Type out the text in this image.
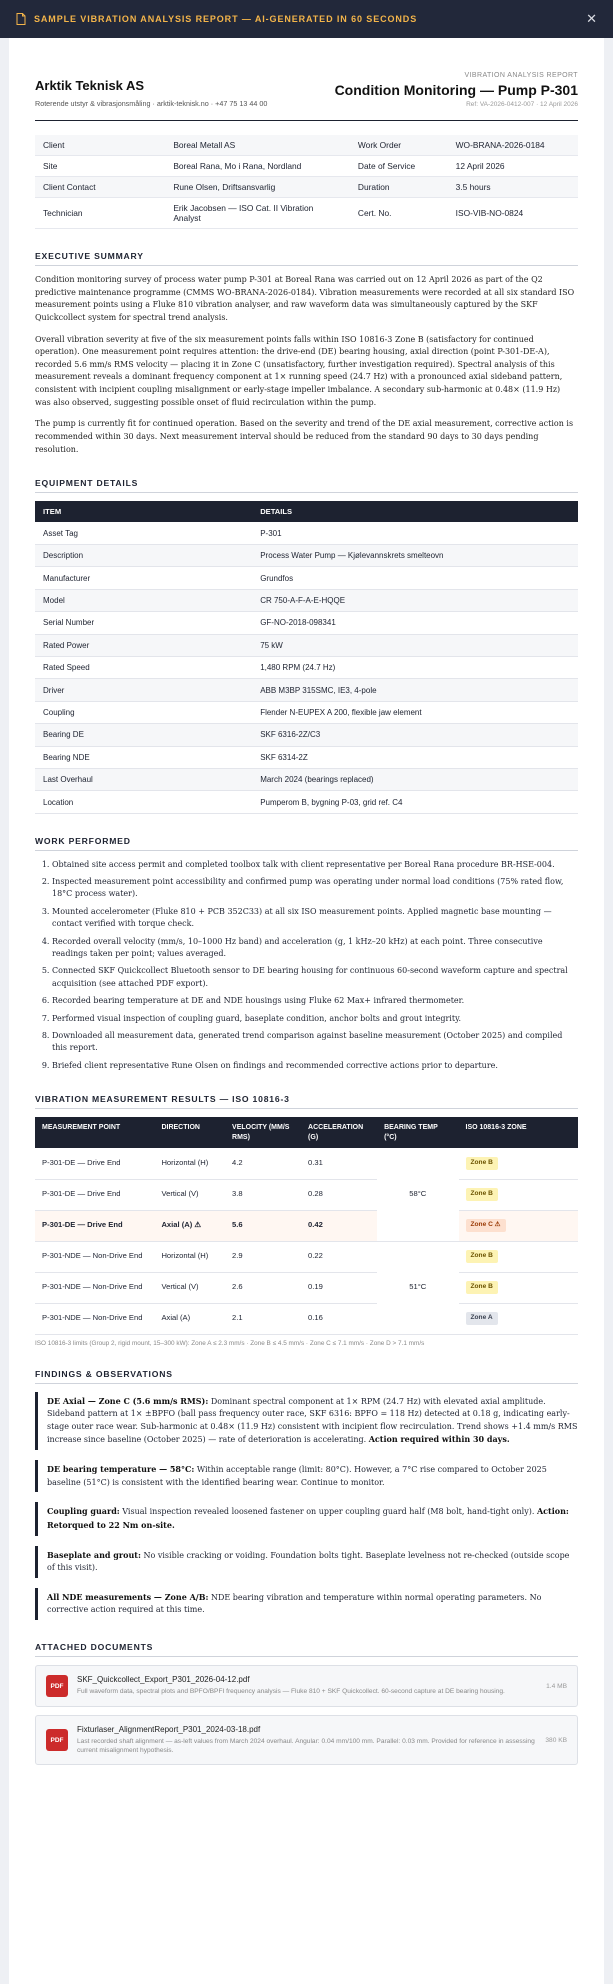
SAMPLE VIBRATION ANALYSIS REPORT — AI-GENERATED IN 60 SECONDS	✕
Arktik Teknisk AS
Roterende utstyr & vibrasjonsmåling · arktik-teknisk.no · +47 75 13 44 00
VIBRATION ANALYSIS REPORT
Condition Monitoring — Pump P-301
Ref: VA-2026-0412-007 · 12 April 2026
Client	Boreal Metall AS	Work Order	WO-BRANA-2026-0184
Site	Boreal Rana, Mo i Rana, Nordland	Date of Service	12 April 2026
Client Contact	Rune Olsen, Driftsansvarlig	Duration	3.5 hours
Technician	Erik Jacobsen — ISO Cat. II Vibration Analyst	Cert. No.	ISO-VIB-NO-0824
EXECUTIVE SUMMARY

Condition monitoring survey of process water pump P-301 at Boreal Rana was carried out on 12 April 2026 as part of the Q2 predictive maintenance programme (CMMS WO-BRANA-2026-0184). Vibration measurements were recorded at all six standard ISO measurement points using a Fluke 810 vibration analyser, and raw waveform data was simultaneously captured by the SKF Quickcollect system for spectral trend analysis.

Overall vibration severity at five of the six measurement points falls within ISO 10816-3 Zone B (satisfactory for continued operation). One measurement point requires attention: the drive-end (DE) bearing housing, axial direction (point P-301-DE-A), recorded 5.6 mm/s RMS velocity — placing it in Zone C (unsatisfactory, further investigation required). Spectral analysis of this measurement reveals a dominant frequency component at 1× running speed (24.7 Hz) with a pronounced axial sideband pattern, consistent with incipient coupling misalignment or early-stage impeller imbalance. A secondary sub-harmonic at 0.48× (11.9 Hz) was also observed, suggesting possible onset of fluid recirculation within the pump.

The pump is currently fit for continued operation. Based on the severity and trend of the DE axial measurement, corrective action is recommended within 30 days. Next measurement interval should be reduced from the standard 90 days to 30 days pending resolution.

EQUIPMENT DETAILS
ITEM	DETAILS
Asset Tag	P-301
Description	Process Water Pump — Kjølevannskrets smelteovn
Manufacturer	Grundfos
Model	CR 750-A-F-A-E-HQQE
Serial Number	GF-NO-2018-098341
Rated Power	75 kW
Rated Speed	1,480 RPM (24.7 Hz)
Driver	ABB M3BP 315SMC, IE3, 4-pole
Coupling	Flender N-EUPEX A 200, flexible jaw element
Bearing DE	SKF 6316-2Z/C3
Bearing NDE	SKF 6314-2Z
Last Overhaul	March 2024 (bearings replaced)
Location	Pumperom B, bygning P-03, grid ref. C4
WORK PERFORMED
1. Obtained site access permit and completed toolbox talk with client representative per Boreal Rana procedure BR-HSE-004.
2. Inspected measurement point accessibility and confirmed pump was operating under normal load conditions (75% rated flow, 18°C process water).
3. Mounted accelerometer (Fluke 810 + PCB 352C33) at all six ISO measurement points. Applied magnetic base mounting — contact verified with torque check.
4. Recorded overall velocity (mm/s, 10–1000 Hz band) and acceleration (g, 1 kHz–20 kHz) at each point. Three consecutive readings taken per point; values averaged.
5. Connected SKF Quickcollect Bluetooth sensor to DE bearing housing for continuous 60-second waveform capture and spectral acquisition (see attached PDF export).
6. Recorded bearing temperature at DE and NDE housings using Fluke 62 Max+ infrared thermometer.
7. Performed visual inspection of coupling guard, baseplate condition, anchor bolts and grout integrity.
8. Downloaded all measurement data, generated trend comparison against baseline measurement (October 2025) and compiled this report.
9. Briefed client representative Rune Olsen on findings and recommended corrective actions prior to departure.
VIBRATION MEASUREMENT RESULTS — ISO 10816-3
MEASUREMENT POINT	DIRECTION	VELOCITY (MM/S RMS)	ACCELERATION (G)	BEARING TEMP (°C)	ISO 10816-3 ZONE
P-301-DE — Drive End	Horizontal (H)	4.2	0.31	58°C	Zone B
P-301-DE — Drive End	Vertical (V)	3.8	0.28		Zone B
P-301-DE — Drive End	Axial (A) ⚠	5.6	0.42		Zone C ⚠
P-301-NDE — Non-Drive End	Horizontal (H)	2.9	0.22	51°C	Zone B
P-301-NDE — Non-Drive End	Vertical (V)	2.6	0.19		Zone B
P-301-NDE — Non-Drive End	Axial (A)	2.1	0.16		Zone A
ISO 10816-3 limits (Group 2, rigid mount, 15–300 kW): Zone A ≤ 2.3 mm/s · Zone B ≤ 4.5 mm/s · Zone C ≤ 7.1 mm/s · Zone D > 7.1 mm/s
FINDINGS & OBSERVATIONS
DE Axial — Zone C (5.6 mm/s RMS): Dominant spectral component at 1× RPM (24.7 Hz) with elevated axial amplitude. Sideband pattern at 1× ±BPFO (ball pass frequency outer race, SKF 6316: BPFO = 118 Hz) detected at 0.18 g, indicating early-stage outer race wear. Sub-harmonic at 0.48× (11.9 Hz) consistent with incipient flow recirculation. Trend shows +1.4 mm/s RMS increase since baseline (October 2025) — rate of deterioration is accelerating. Action required within 30 days.
DE bearing temperature — 58°C: Within acceptable range (limit: 80°C). However, a 7°C rise compared to October 2025 baseline (51°C) is consistent with the identified bearing wear. Continue to monitor.
Coupling guard: Visual inspection revealed loosened fastener on upper coupling guard half (M8 bolt, hand-tight only). Action: Retorqued to 22 Nm on-site.
Baseplate and grout: No visible cracking or voiding. Foundation bolts tight. Baseplate levelness not re-checked (outside scope of this visit).
All NDE measurements — Zone A/B: NDE bearing vibration and temperature within normal operating parameters. No corrective action required at this time.
ATTACHED DOCUMENTS
PDF
SKF_Quickcollect_Export_P301_2026-04-12.pdf
Full waveform data, spectral plots and BPFO/BPFI frequency analysis — Fluke 810 + SKF Quickcollect. 60-second capture at DE bearing housing.
1.4 MB
PDF
Fixturlaser_AlignmentReport_P301_2024-03-18.pdf
Last recorded shaft alignment — as-left values from March 2024 overhaul. Angular: 0.04 mm/100 mm. Parallel: 0.03 mm. Provided for reference in assessing current misalignment hypothesis.
380 KB
